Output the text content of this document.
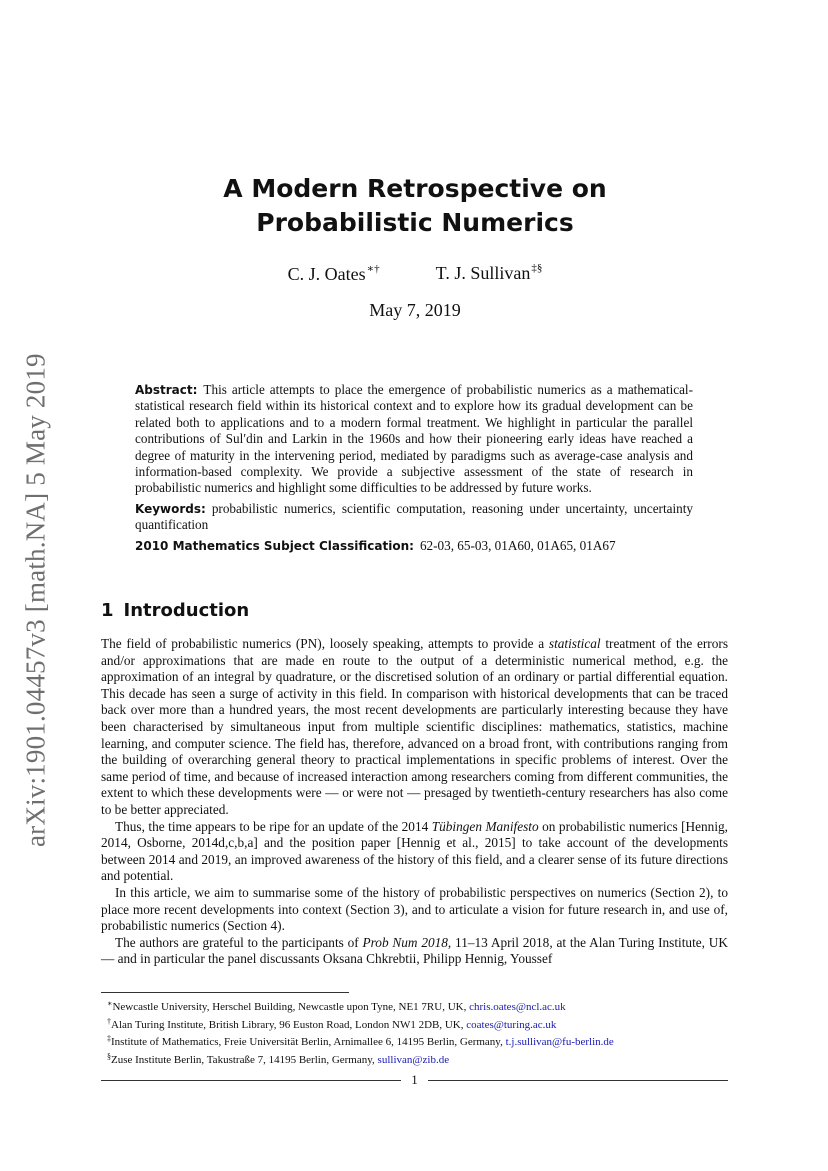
arXiv:1901.04457v3 [math.NA] 5 May 2019
A Modern Retrospective on
Probabilistic Numerics
C. J. Oates∗†	T. J. Sullivan‡§
May 7, 2019

Abstract: This article attempts to place the emergence of probabilistic numerics as a mathematical-statistical research field within its historical context and to explore how its gradual development can be related both to applications and to a modern formal treatment. We highlight in particular the parallel contributions of Sul′din and Larkin in the 1960s and how their pioneering early ideas have reached a degree of maturity in the intervening period, mediated by paradigms such as average-case analysis and information-based complexity. We provide a subjective assessment of the state of research in probabilistic numerics and highlight some difficulties to be addressed by future works.

Keywords: probabilistic numerics, scientific computation, reasoning under uncertainty, uncertainty quantification

2010 Mathematics Subject Classification: 62-03, 65-03, 01A60, 01A65, 01A67

1 Introduction

The field of probabilistic numerics (PN), loosely speaking, attempts to provide a statistical treatment of the errors and/or approximations that are made en route to the output of a deterministic numerical method, e.g. the approximation of an integral by quadrature, or the discretised solution of an ordinary or partial differential equation. This decade has seen a surge of activity in this field. In comparison with historical developments that can be traced back over more than a hundred years, the most recent developments are particularly interesting because they have been characterised by simultaneous input from multiple scientific disciplines: mathematics, statistics, machine learning, and computer science. The field has, therefore, advanced on a broad front, with contributions ranging from the building of overarching general theory to practical implementations in specific problems of interest. Over the same period of time, and because of increased interaction among researchers coming from different communities, the extent to which these developments were — or were not — presaged by twentieth-century researchers has also come to be better appreciated.

Thus, the time appears to be ripe for an update of the 2014 Tübingen Manifesto on probabilistic numerics [Hennig, 2014, Osborne, 2014d,c,b,a] and the position paper [Hennig et al., 2015] to take account of the developments between 2014 and 2019, an improved awareness of the history of this field, and a clearer sense of its future directions and potential.

In this article, we aim to summarise some of the history of probabilistic perspectives on numerics (Section 2), to place more recent developments into context (Section 3), and to articulate a vision for future research in, and use of, probabilistic numerics (Section 4).

The authors are grateful to the participants of Prob Num 2018, 11–13 April 2018, at the Alan Turing Institute, UK — and in particular the panel discussants Oksana Chkrebtii, Philipp Hennig, Youssef

∗Newcastle University, Herschel Building, Newcastle upon Tyne, NE1 7RU, UK, chris.oates@ncl.ac.uk

†Alan Turing Institute, British Library, 96 Euston Road, London NW1 2DB, UK, coates@turing.ac.uk

‡Institute of Mathematics, Freie Universität Berlin, Arnimallee 6, 14195 Berlin, Germany, t.j.sullivan@fu-berlin.de

§Zuse Institute Berlin, Takustraße 7, 14195 Berlin, Germany, sullivan@zib.de

1
